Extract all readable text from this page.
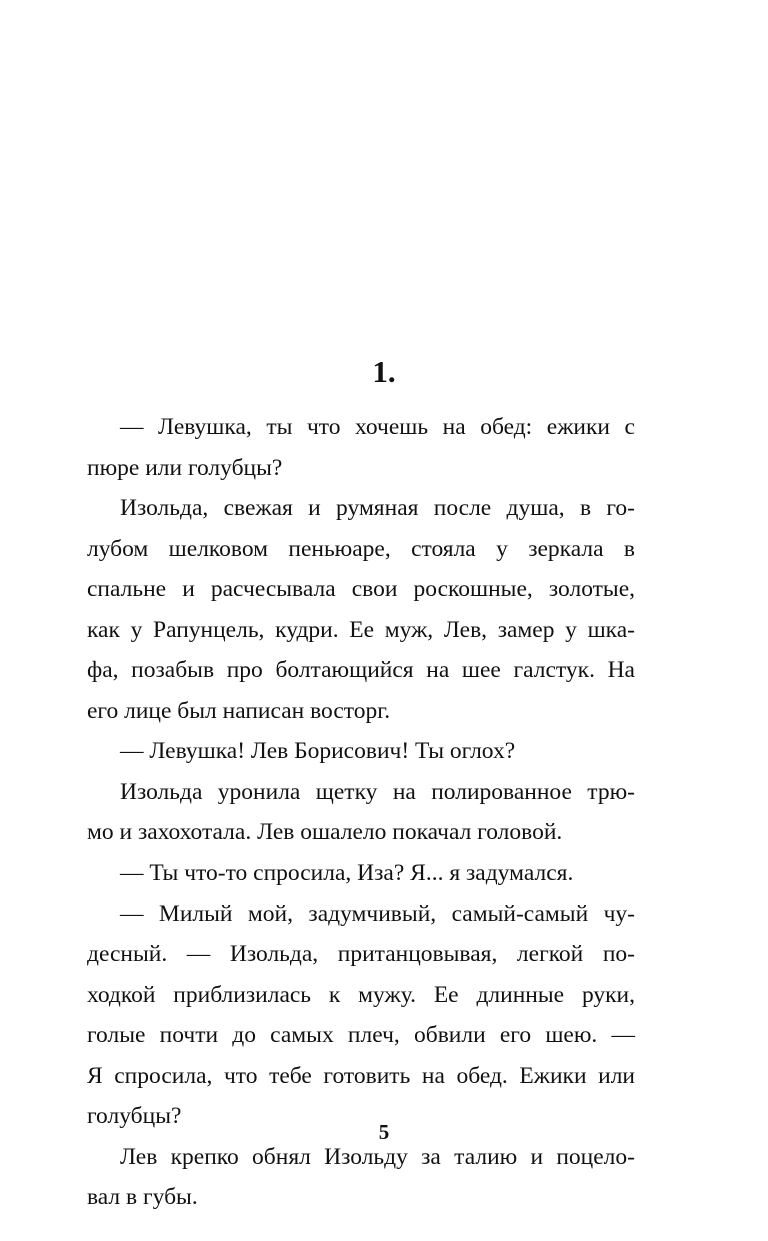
1.
— Левушка, ты что хочешь на обед: ежики с
пюре или голубцы?
Изольда, свежая и румяная после душа, в го-
лубом шелковом пеньюаре, стояла у зеркала в
спальне и расчесывала свои роскошные, золотые,
как у Рапунцель, кудри. Ее муж, Лев, замер у шка-
фа, позабыв про болтающийся на шее галстук. На
его лице был написан восторг.
— Левушка! Лев Борисович! Ты оглох?
Изольда уронила щетку на полированное трю-
мо и захохотала. Лев ошалело покачал головой.
— Ты что-то спросила, Иза? Я... я задумался.
— Милый мой, задумчивый, самый-самый чу-
десный. — Изольда, пританцовывая, легкой по-
ходкой приблизилась к мужу. Ее длинные руки,
голые почти до самых плеч, обвили его шею. —
Я спросила, что тебе готовить на обед. Ежики или
голубцы?
Лев крепко обнял Изольду за талию и поцело-
вал в губы.
5
